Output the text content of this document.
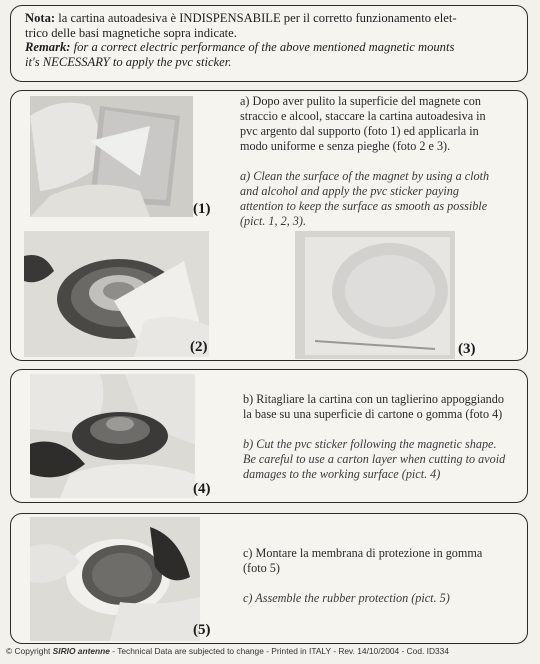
Nota: la cartina autoadesiva è INDISPENSABILE per il corretto funzionamento elet-
trico delle basi magnetiche sopra indicate.
Remark: for a correct electric performance of the above mentioned magnetic mounts
it's NECESSARY to apply the pvc sticker.
(1)
(2)	(3)
a) Dopo aver pulito la superficie del magnete con
straccio e alcool, staccare la cartina autoadesiva in
pvc argento dal supporto (foto 1) ed applicarla in
modo uniforme e senza pieghe (foto 2 e 3).
a) Clean the surface of the magnet by using a cloth
and alcohol and apply the pvc sticker paying
attention to keep the surface as smooth as possible
(pict. 1, 2, 3).
(4)
b) Ritagliare la cartina con un taglierino appoggiando
la base su una superficie di cartone o gomma (foto 4)
b) Cut the pvc sticker following the magnetic shape.
Be careful to use a carton layer when cutting to avoid
damages to the working surface (pict. 4)
(5)
c) Montare la membrana di protezione in gomma
(foto 5)
c) Assemble the rubber protection (pict. 5)
© Copyright SIRIO antenne - Technical Data are subjected to change - Printed in ITALY - Rev. 14/10/2004 - Cod. ID334
